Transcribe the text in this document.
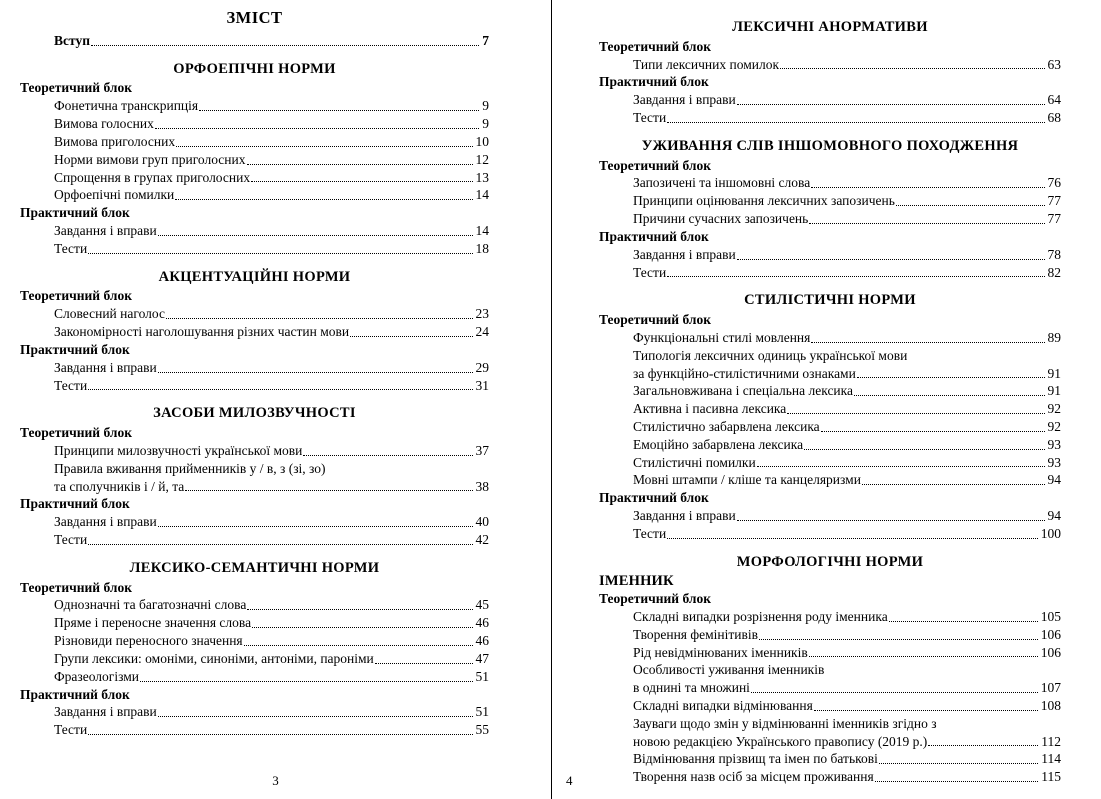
ЗМІСТ
Вступ	7
ОРФОЕПІЧНІ НОРМИ
Теоретичний блок
Фонетична транскрипція	9
Вимова голосних	9
Вимова приголосних	10
Норми вимови груп приголосних	12
Спрощення в групах приголосних	13
Орфоепічні помилки	14
Практичний блок
Завдання і вправи	14
Тести	18
АКЦЕНТУАЦІЙНІ НОРМИ
Теоретичний блок
Словесний наголос	23
Закономірності наголошування різних частин мови	24
Практичний блок
Завдання і вправи	29
Тести	31
ЗАСОБИ МИЛОЗВУЧНОСТІ
Теоретичний блок
Принципи милозвучності української мови	37
Правила вживання прийменників у / в, з (зі, зо)
та сполучників і / й, та	38
Практичний блок
Завдання і вправи	40
Тести	42
ЛЕКСИКО-СЕМАНТИЧНІ НОРМИ
Теоретичний блок
Однозначні та багатозначні слова	45
Пряме і переносне значення слова	46
Різновиди переносного значення	46
Групи лексики: омоніми, синоніми, антоніми, пароніми	47
Фразеологізми	51
Практичний блок
Завдання і вправи	51
Тести	55
3
ЛЕКСИЧНІ АНОРМАТИВИ
Теоретичний блок
Типи лексичних помилок	63
Практичний блок
Завдання і вправи	64
Тести	68
УЖИВАННЯ СЛІВ ІНШОМОВНОГО ПОХОДЖЕННЯ
Теоретичний блок
Запозичені та іншомовні слова	76
Принципи оцінювання лексичних запозичень	77
Причини сучасних запозичень	77
Практичний блок
Завдання і вправи	78
Тести	82
СТИЛІСТИЧНІ НОРМИ
Теоретичний блок
Функціональні стилі мовлення	89
Типологія лексичних одиниць української мови
за функційно-стилістичними ознаками	91
Загальновживана і спеціальна лексика	91
Активна і пасивна лексика	92
Стилістично забарвлена лексика	92
Емоційно забарвлена лексика	93
Стилістичні помилки	93
Мовні штампи / кліше та канцеляризми	94
Практичний блок
Завдання і вправи	94
Тести	100
МОРФОЛОГІЧНІ НОРМИ
ІМЕННИК
Теоретичний блок
Складні випадки розрізнення роду іменника	105
Творення фемінітивів	106
Рід невідмінюваних іменників	106
Особливості уживання іменників
в однині та множині	107
Складні випадки відмінювання	108
Зауваги щодо змін у відмінюванні іменників згідно з
новою редакцією Українського правопису (2019 р.)	112
Відмінювання прізвищ та імен по батькові	114
Творення назв осіб за місцем проживання	115
4
